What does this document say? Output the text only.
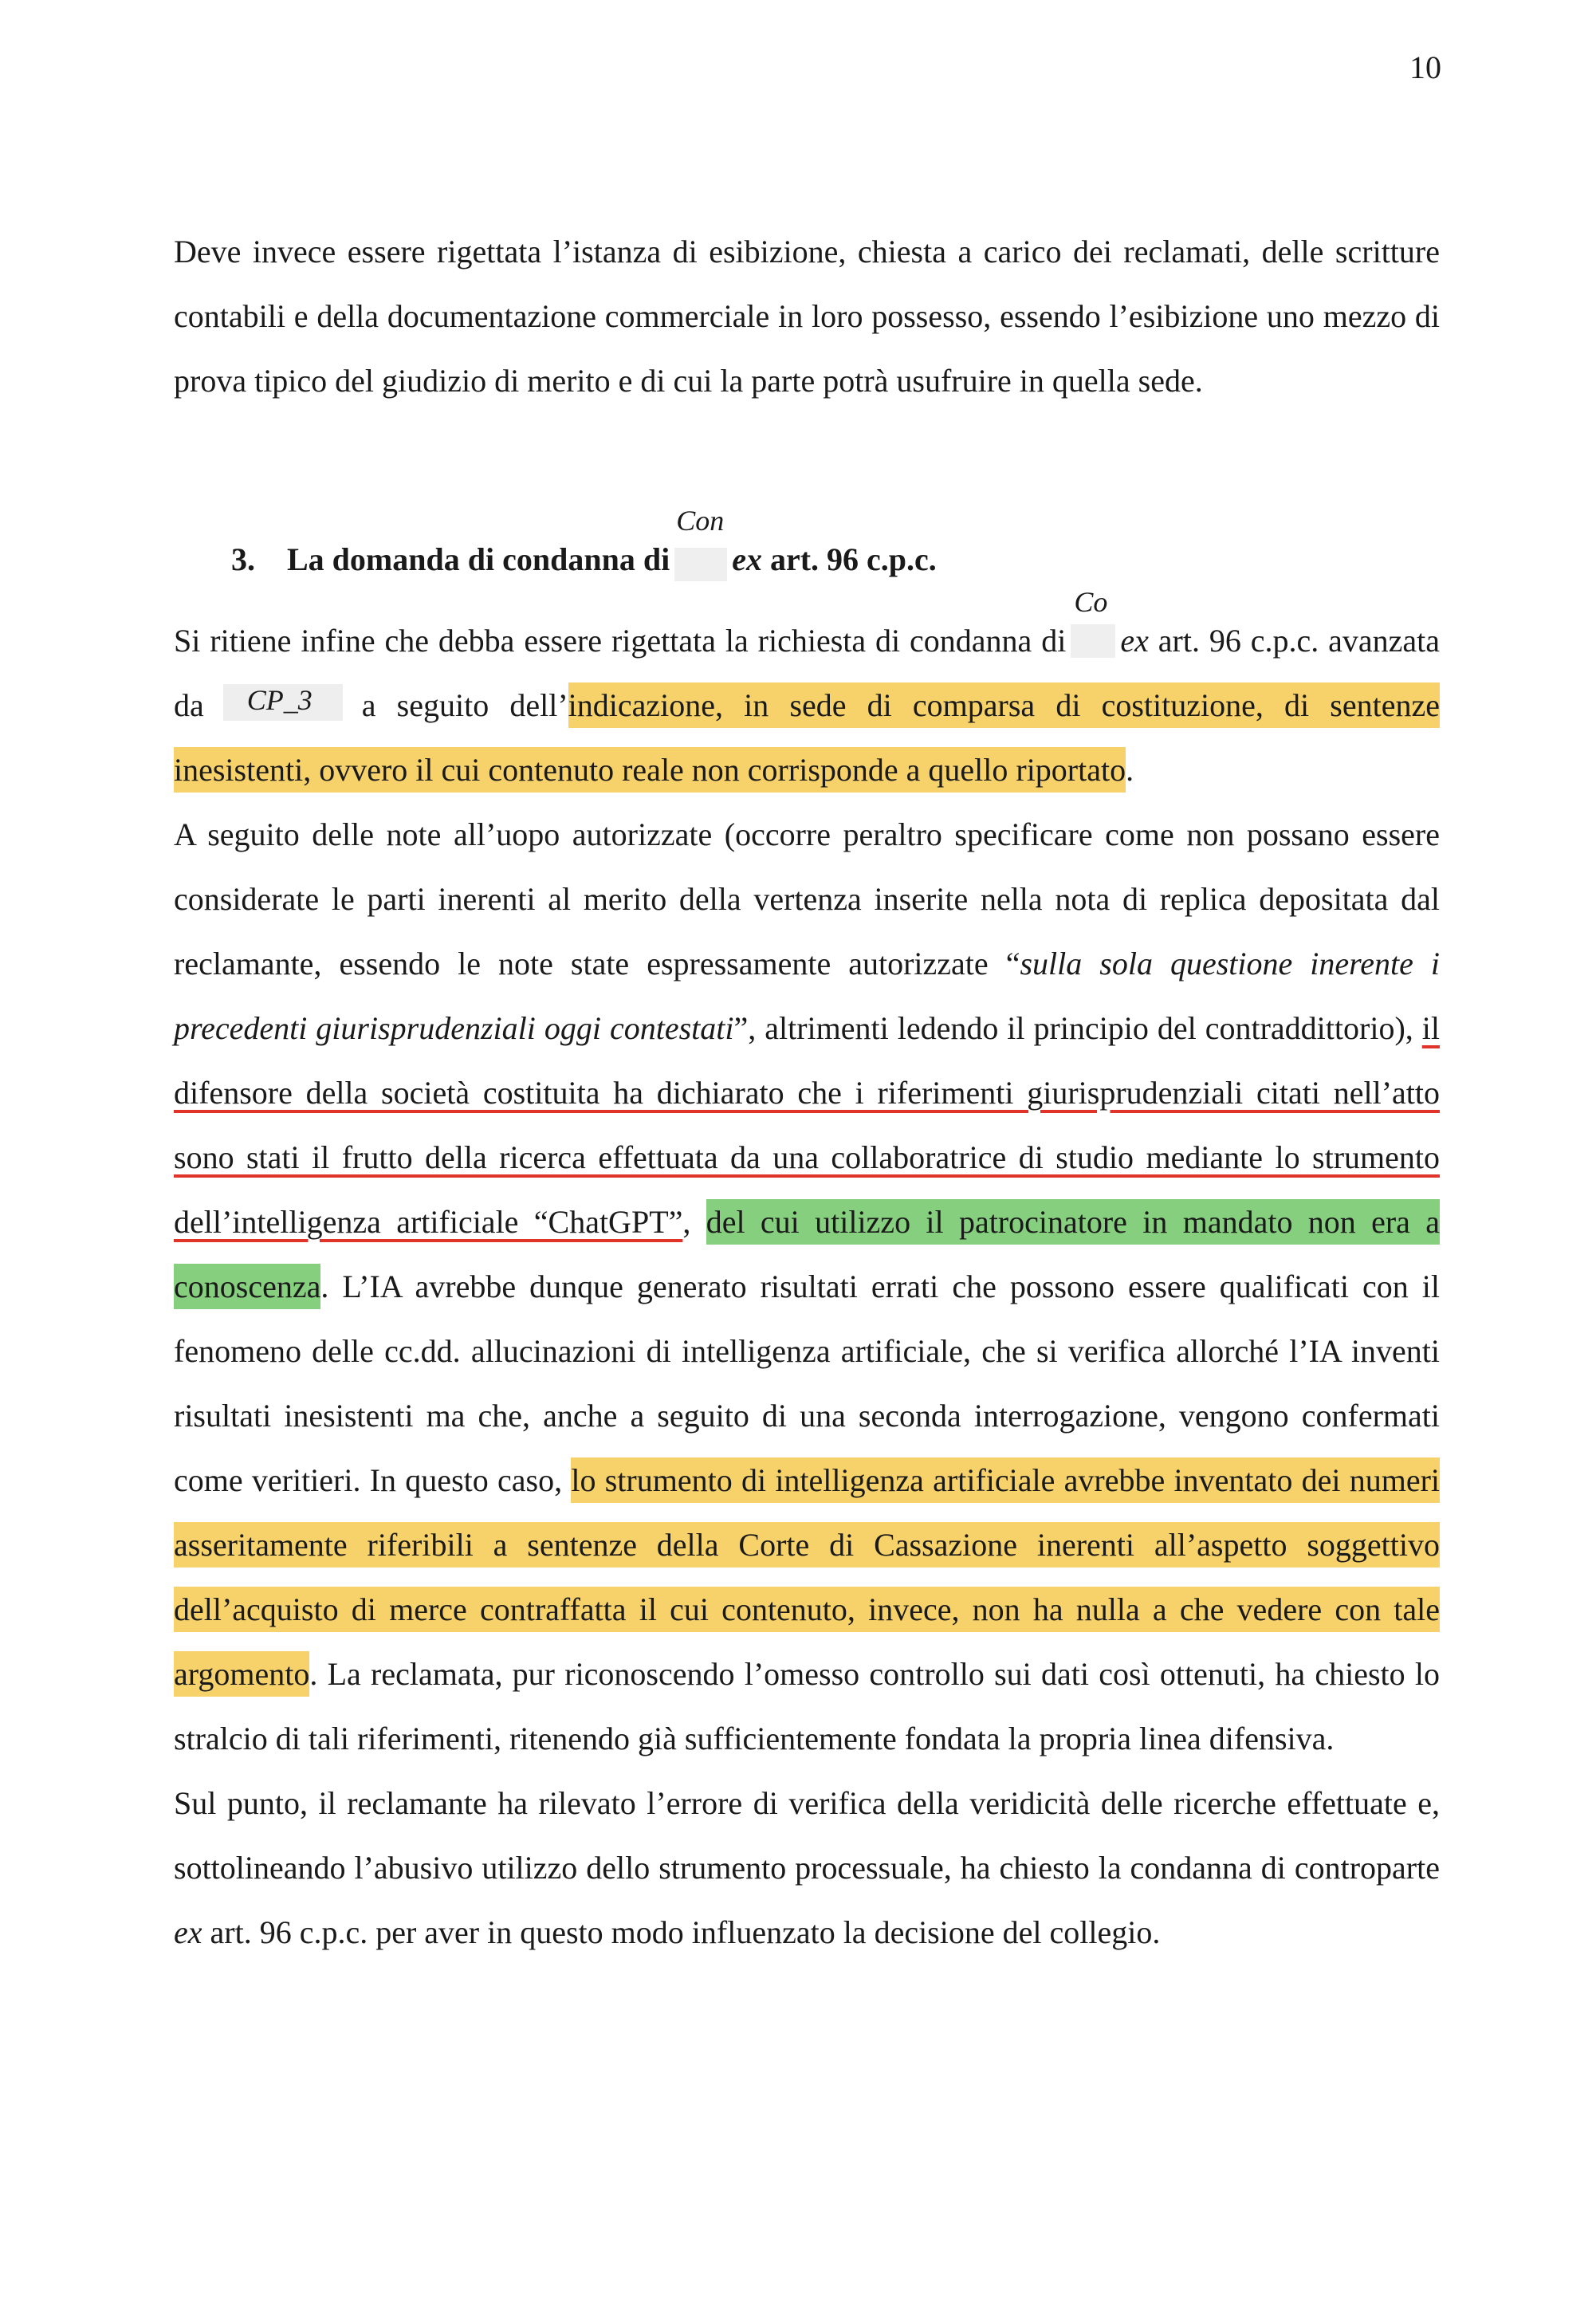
10

Deve invece essere rigettata l’istanza di esibizione, chiesta a carico dei reclamati, delle scritture contabili e della documentazione commerciale in loro possesso, essendo l’esibizione uno mezzo di prova tipico del giudizio di merito e di cui la parte potrà usufruire in quella sede.

3. La domanda di condanna di
Con
ex art. 96 c.p.c.

Si ritiene infine che debba essere rigettata la richiesta di condanna di
Co
ex art. 96 c.p.c. avanzata da CP_3 a seguito dell’indicazione, in sede di comparsa di costituzione, di sentenze inesistenti, ovvero il cui contenuto reale non corrisponde a quello riportato.

A seguito delle note all’uopo autorizzate (occorre peraltro specificare come non possano essere considerate le parti inerenti al merito della vertenza inserite nella nota di replica depositata dal reclamante, essendo le note state espressamente autorizzate “sulla sola questione inerente i precedenti giurisprudenziali oggi contestati”, altrimenti ledendo il principio del contraddittorio), il difensore della società costituita ha dichiarato che i riferimenti giurisprudenziali citati nell’atto sono stati il frutto della ricerca effettuata da una collaboratrice di studio mediante lo strumento dell’intelligenza artificiale “ChatGPT”, del cui utilizzo il patrocinatore in mandato non era a conoscenza. L’IA avrebbe dunque generato risultati errati che possono essere qualificati con il fenomeno delle cc.dd. allucinazioni di intelligenza artificiale, che si verifica allorché l’IA inventi risultati inesistenti ma che, anche a seguito di una seconda interrogazione, vengono confermati come veritieri. In questo caso, lo strumento di intelligenza artificiale avrebbe inventato dei numeri asseritamente riferibili a sentenze della Corte di Cassazione inerenti all’aspetto soggettivo dell’acquisto di merce contraffatta il cui contenuto, invece, non ha nulla a che vedere con tale argomento. La reclamata, pur riconoscendo l’omesso controllo sui dati così ottenuti, ha chiesto lo stralcio di tali riferimenti, ritenendo già sufficientemente fondata la propria linea difensiva.

Sul punto, il reclamante ha rilevato l’errore di verifica della veridicità delle ricerche effettuate e, sottolineando l’abusivo utilizzo dello strumento processuale, ha chiesto la condanna di controparte ex art. 96 c.p.c. per aver in questo modo influenzato la decisione del collegio.
